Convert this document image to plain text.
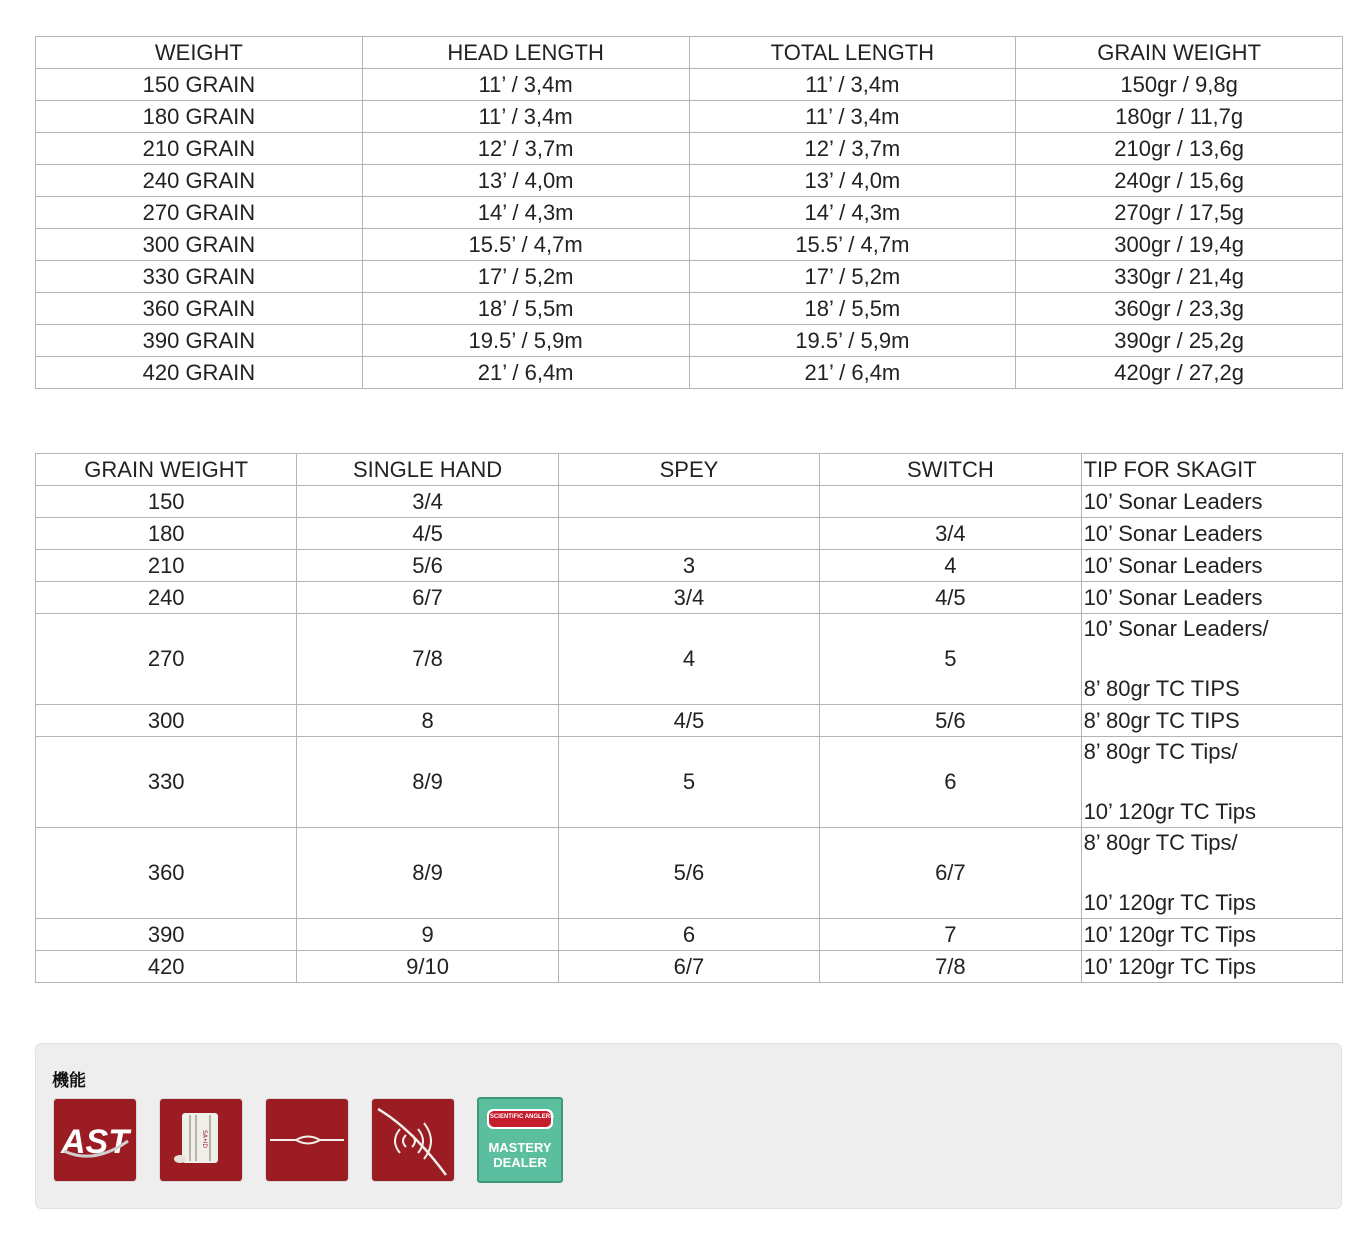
WEIGHT	HEAD LENGTH	TOTAL LENGTH	GRAIN WEIGHT
150 GRAIN	11’ / 3,4m	11’ / 3,4m	150gr / 9,8g
180 GRAIN	11’ / 3,4m	11’ / 3,4m	180gr / 11,7g
210 GRAIN	12’ / 3,7m	12’ / 3,7m	210gr / 13,6g
240 GRAIN	13’ / 4,0m	13’ / 4,0m	240gr / 15,6g
270 GRAIN	14’ / 4,3m	14’ / 4,3m	270gr / 17,5g
300 GRAIN	15.5’ / 4,7m	15.5’ / 4,7m	300gr / 19,4g
330 GRAIN	17’ / 5,2m	17’ / 5,2m	330gr / 21,4g
360 GRAIN	18’ / 5,5m	18’ / 5,5m	360gr / 23,3g
390 GRAIN	19.5’ / 5,9m	19.5’ / 5,9m	390gr / 25,2g
420 GRAIN	21’ / 6,4m	21’ / 6,4m	420gr / 27,2g
GRAIN WEIGHT	SINGLE HAND	SPEY	SWITCH	TIP FOR SKAGIT
150	3/4			10’ Sonar Leaders

180	4/5		3/4	10’ Sonar Leaders

210	5/6	3	4	10’ Sonar Leaders

240	6/7	3/4	4/5	10’ Sonar Leaders

270	7/8	4	5	10’ Sonar Leaders/
8’ 80gr TC TIPS

300	8	4/5	5/6	8’ 80gr TC TIPS

330	8/9	5	6	8’ 80gr TC Tips/
10’ 120gr TC Tips

360	8/9	5/6	6/7	8’ 80gr TC Tips/
10’ 120gr TC Tips

390	9	6	7	10’ 120gr TC Tips

420	9/10	6/7	7/8	10’ 120gr TC Tips
機能
AST	SA•ID
SCIENTIFIC ANGLERS
MASTERY
DEALER
